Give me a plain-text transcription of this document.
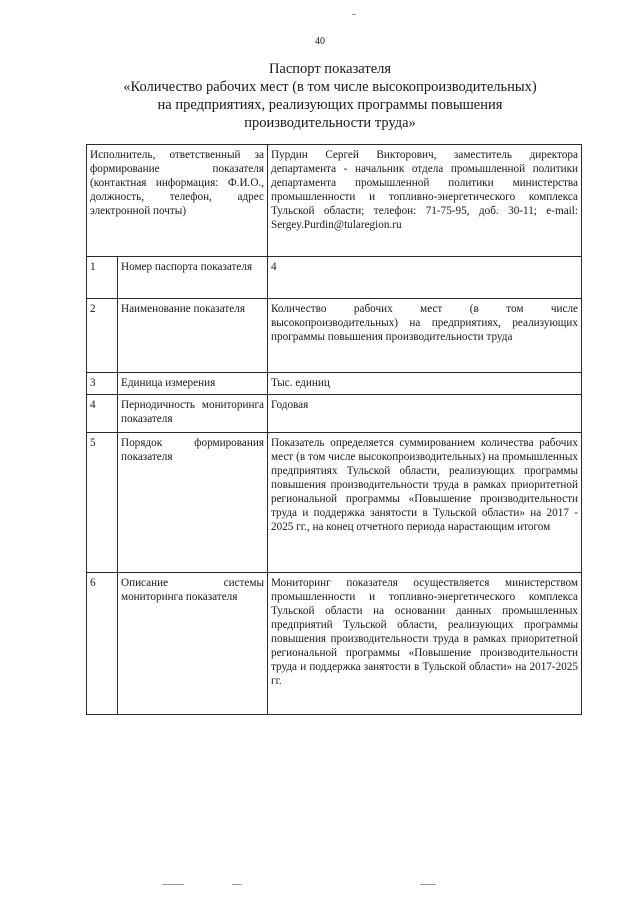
40
Паспорт показателя
«Количество рабочих мест (в том числе высокопроизводительных)
на предприятиях, реализующих программы повышения
производительности труда»
Исполнитель, ответственный за формирование показателя (контактная информация: Ф.И.О., должность, телефон, адрес электронной почты)		Пурдин Сергей Викторович, заместитель директора департамента - начальник отдела промышленной политики департамента промышленной политики министерства промышленности и топливно-энергетического комплекса Тульской области; телефон: 71-75-95, доб. 30-11; e-mail: Sergey.Purdin@tularegion.ru

1	Номер паспорта показателя	4
2	Наименование показателя	Количество рабочих мест (в том числе высокопроизводительных) на предприятиях, реализующих программы повышения производительности труда
3	Единица измерения	Тыс. единиц
4	Периодичность мониторинга показателя	Годовая
5	Порядок формирования показателя	Показатель определяется суммированием количества рабочих мест (в том числе высокопроизводительных) на промышленных предприятиях Тульской области, реализующих программы повышения производительности труда в рамках приоритетной региональной программы «Повышение производительности труда и поддержка занятости в Тульской области» на 2017 - 2025 гг., на конец отчетного периода нарастающим итогом
6	Описание системы мониторинга показателя	Мониторинг показателя осуществляется министерством промышленности и топливно-энергетического комплекса Тульской области на основании данных промышленных предприятий Тульской области, реализующих программы повышения производительности труда в рамках приоритетной региональной программы «Повышение производительности труда и поддержка занятости в Тульской области» на 2017-2025 гг.
